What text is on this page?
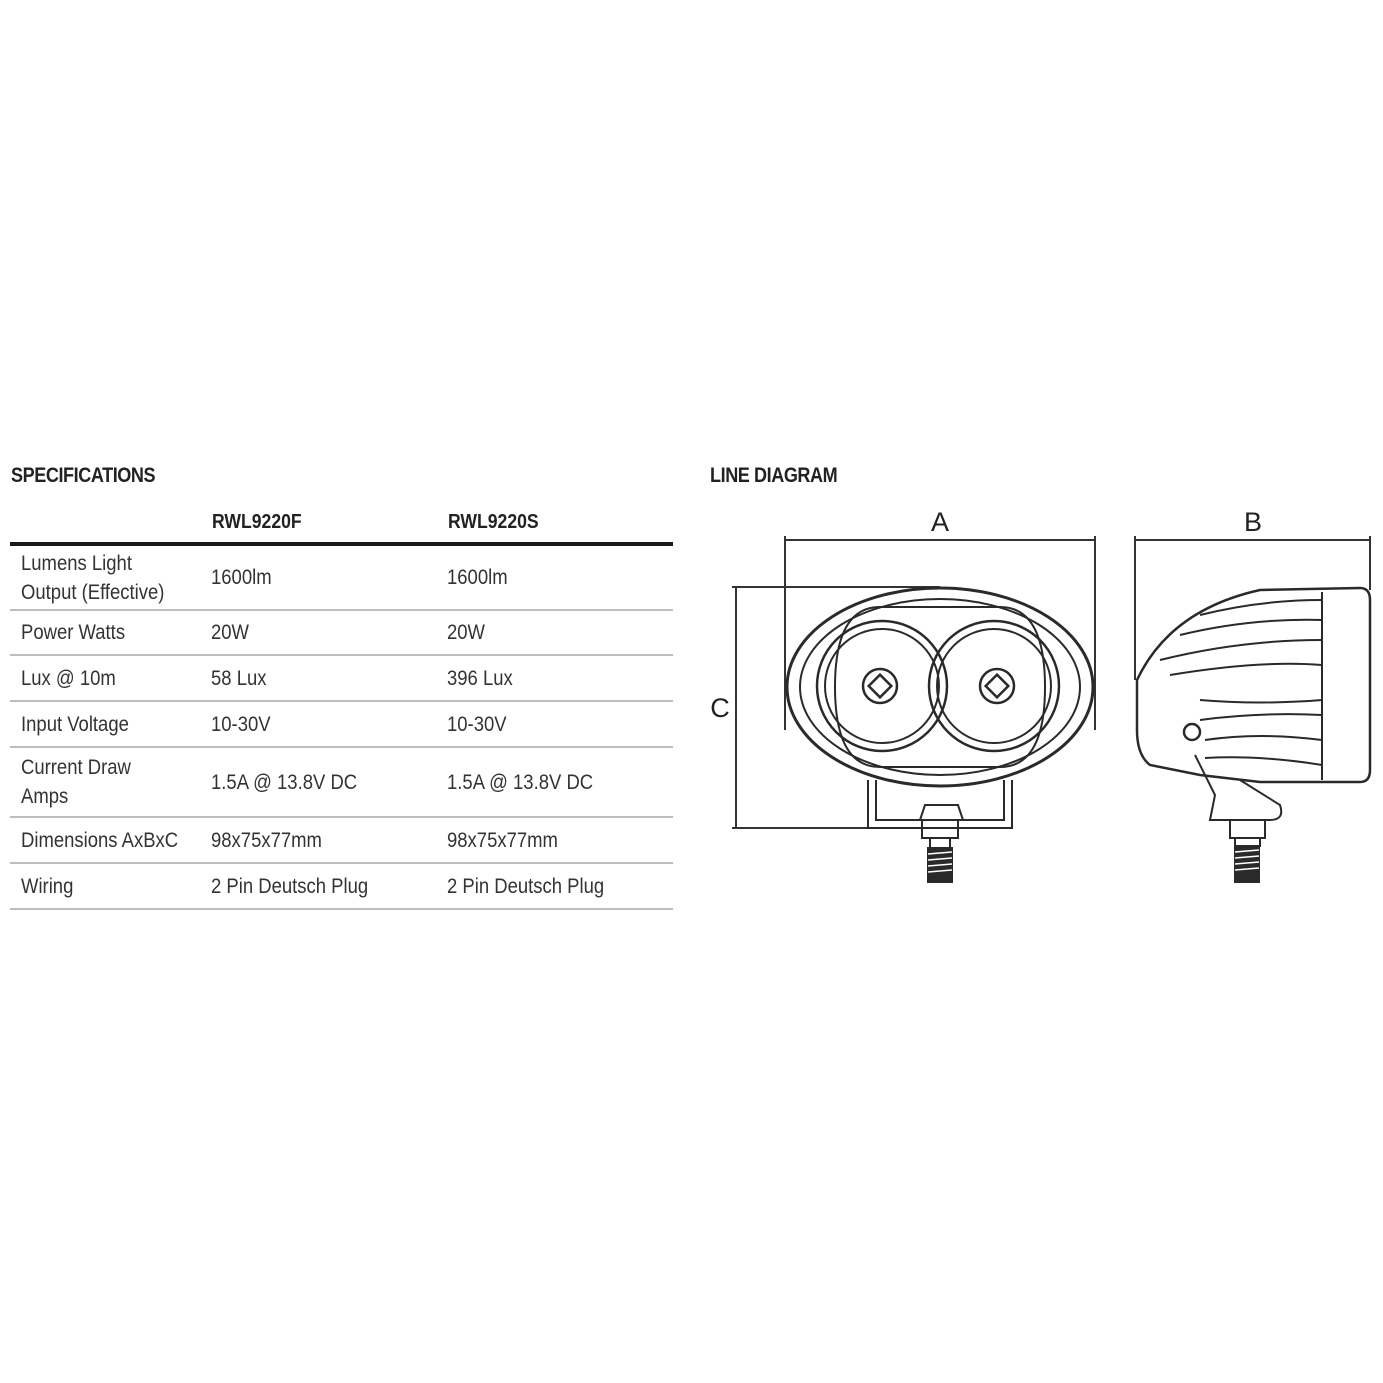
SPECIFICATIONS	LINE DIAGRAM
RWL9220F	RWL9220S
Lumens Light
Output (Effective)
1600lm	1600lm
Power Watts	20W	20W
Lux @ 10m	58 Lux	396 Lux
Input Voltage	10-30V	10-30V
Current Draw
Amps
1.5A @ 13.8V DC	1.5A @ 13.8V DC
Dimensions AxBxC	98x75x77mm	98x75x77mm
Wiring	2 Pin Deutsch Plug	2 Pin Deutsch Plug
A	B
C
